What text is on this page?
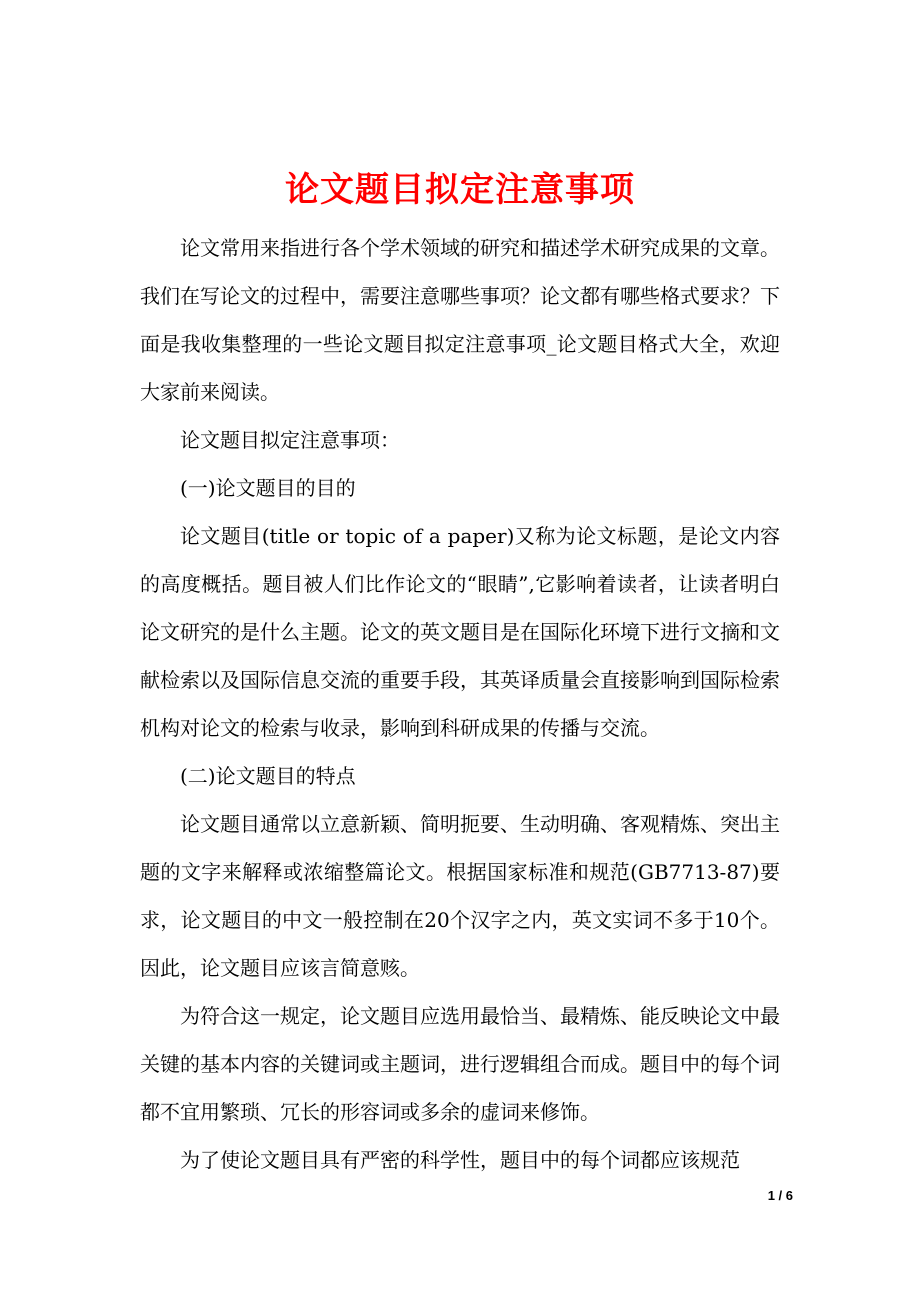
论文题目拟定注意事项

论文常用来指进行各个学术领域的研究和描述学术研究成果的文章。我们在写论文的过程中，需要注意哪些事项？论文都有哪些格式要求？下面是我收集整理的一些论文题目拟定注意事项_论文题目格式大全，欢迎大家前来阅读。

论文题目拟定注意事项：

(一)论文题目的目的

论文题目(title or topic of a paper)又称为论文标题，是论文内容的高度概括。题目被人们比作论文的“眼睛”,它影响着读者，让读者明白论文研究的是什么主题。论文的英文题目是在国际化环境下进行文摘和文献检索以及国际信息交流的重要手段，其英译质量会直接影响到国际检索机构对论文的检索与收录，影响到科研成果的传播与交流。

(二)论文题目的特点

论文题目通常以立意新颖、简明扼要、生动明确、客观精炼、突出主题的文字来解释或浓缩整篇论文。根据国家标准和规范(GB7713-87)要求，论文题目的中文一般控制在20个汉字之内，英文实词不多于10个。因此，论文题目应该言简意赅。

为符合这一规定，论文题目应选用最恰当、最精炼、能反映论文中最关键的基本内容的关键词或主题词，进行逻辑组合而成。题目中的每个词都不宜用繁琐、冗长的形容词或多余的虚词来修饰。

为了使论文题目具有严密的科学性，题目中的每个词都应该规范

1 / 6
